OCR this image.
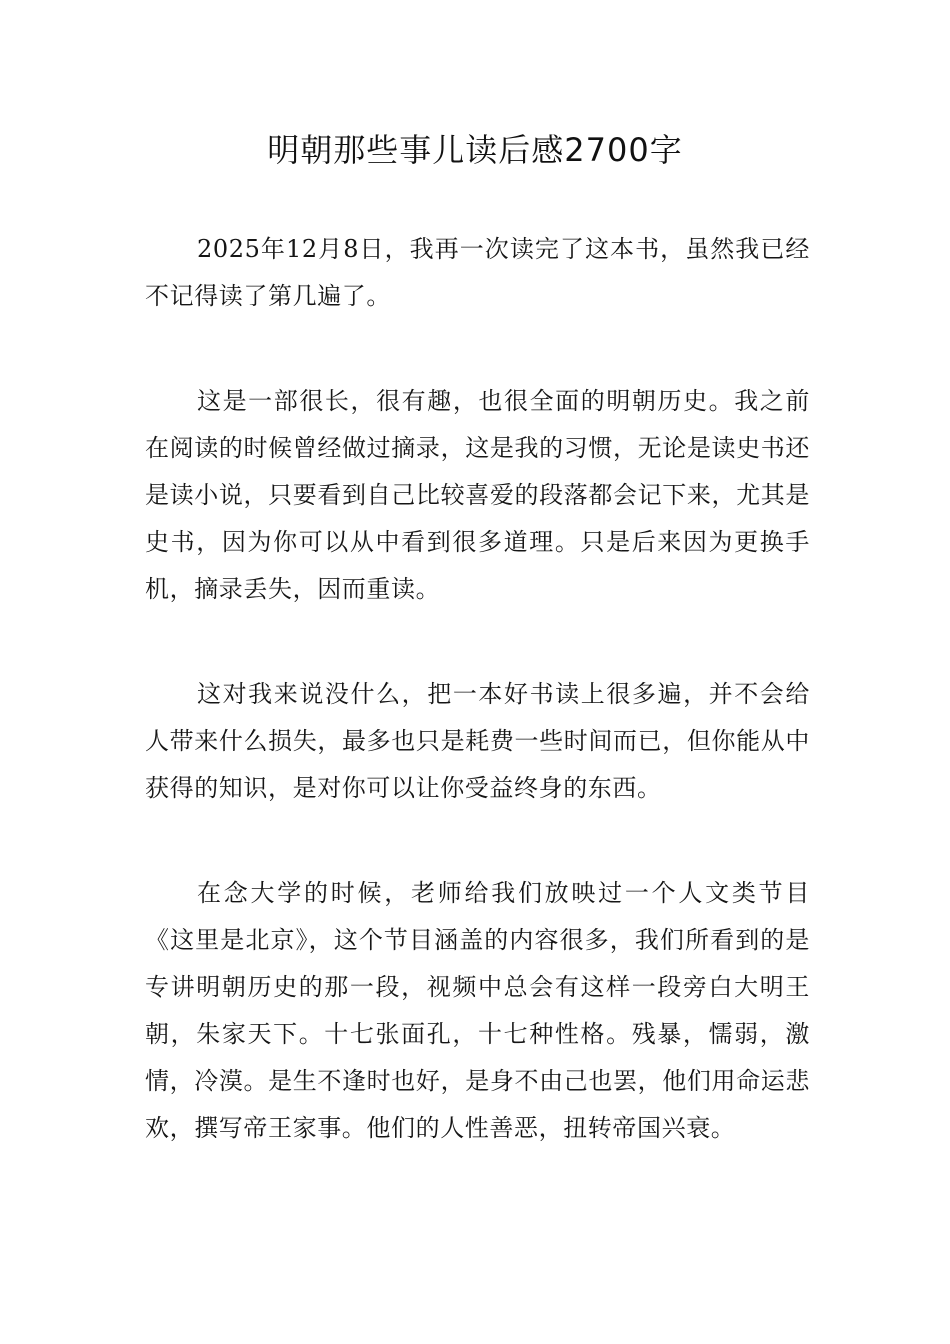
明朝那些事儿读后感2700字

2025年12月8日，我再一次读完了这本书，虽然我已经不记得读了第几遍了。

这是一部很长，很有趣，也很全面的明朝历史。我之前在阅读的时候曾经做过摘录，这是我的习惯，无论是读史书还是读小说，只要看到自己比较喜爱的段落都会记下来，尤其是史书，因为你可以从中看到很多道理。只是后来因为更换手机，摘录丢失，因而重读。

这对我来说没什么，把一本好书读上很多遍，并不会给人带来什么损失，最多也只是耗费一些时间而已，但你能从中获得的知识，是对你可以让你受益终身的东西。

在念大学的时候，老师给我们放映过一个人文类节目《这里是北京》，这个节目涵盖的内容很多，我们所看到的是专讲明朝历史的那一段，视频中总会有这样一段旁白大明王朝，朱家天下。十七张面孔，十七种性格。残暴，懦弱，激情，冷漠。是生不逢时也好，是身不由己也罢，他们用命运悲欢，撰写帝王家事。他们的人性善恶，扭转帝国兴衰。
